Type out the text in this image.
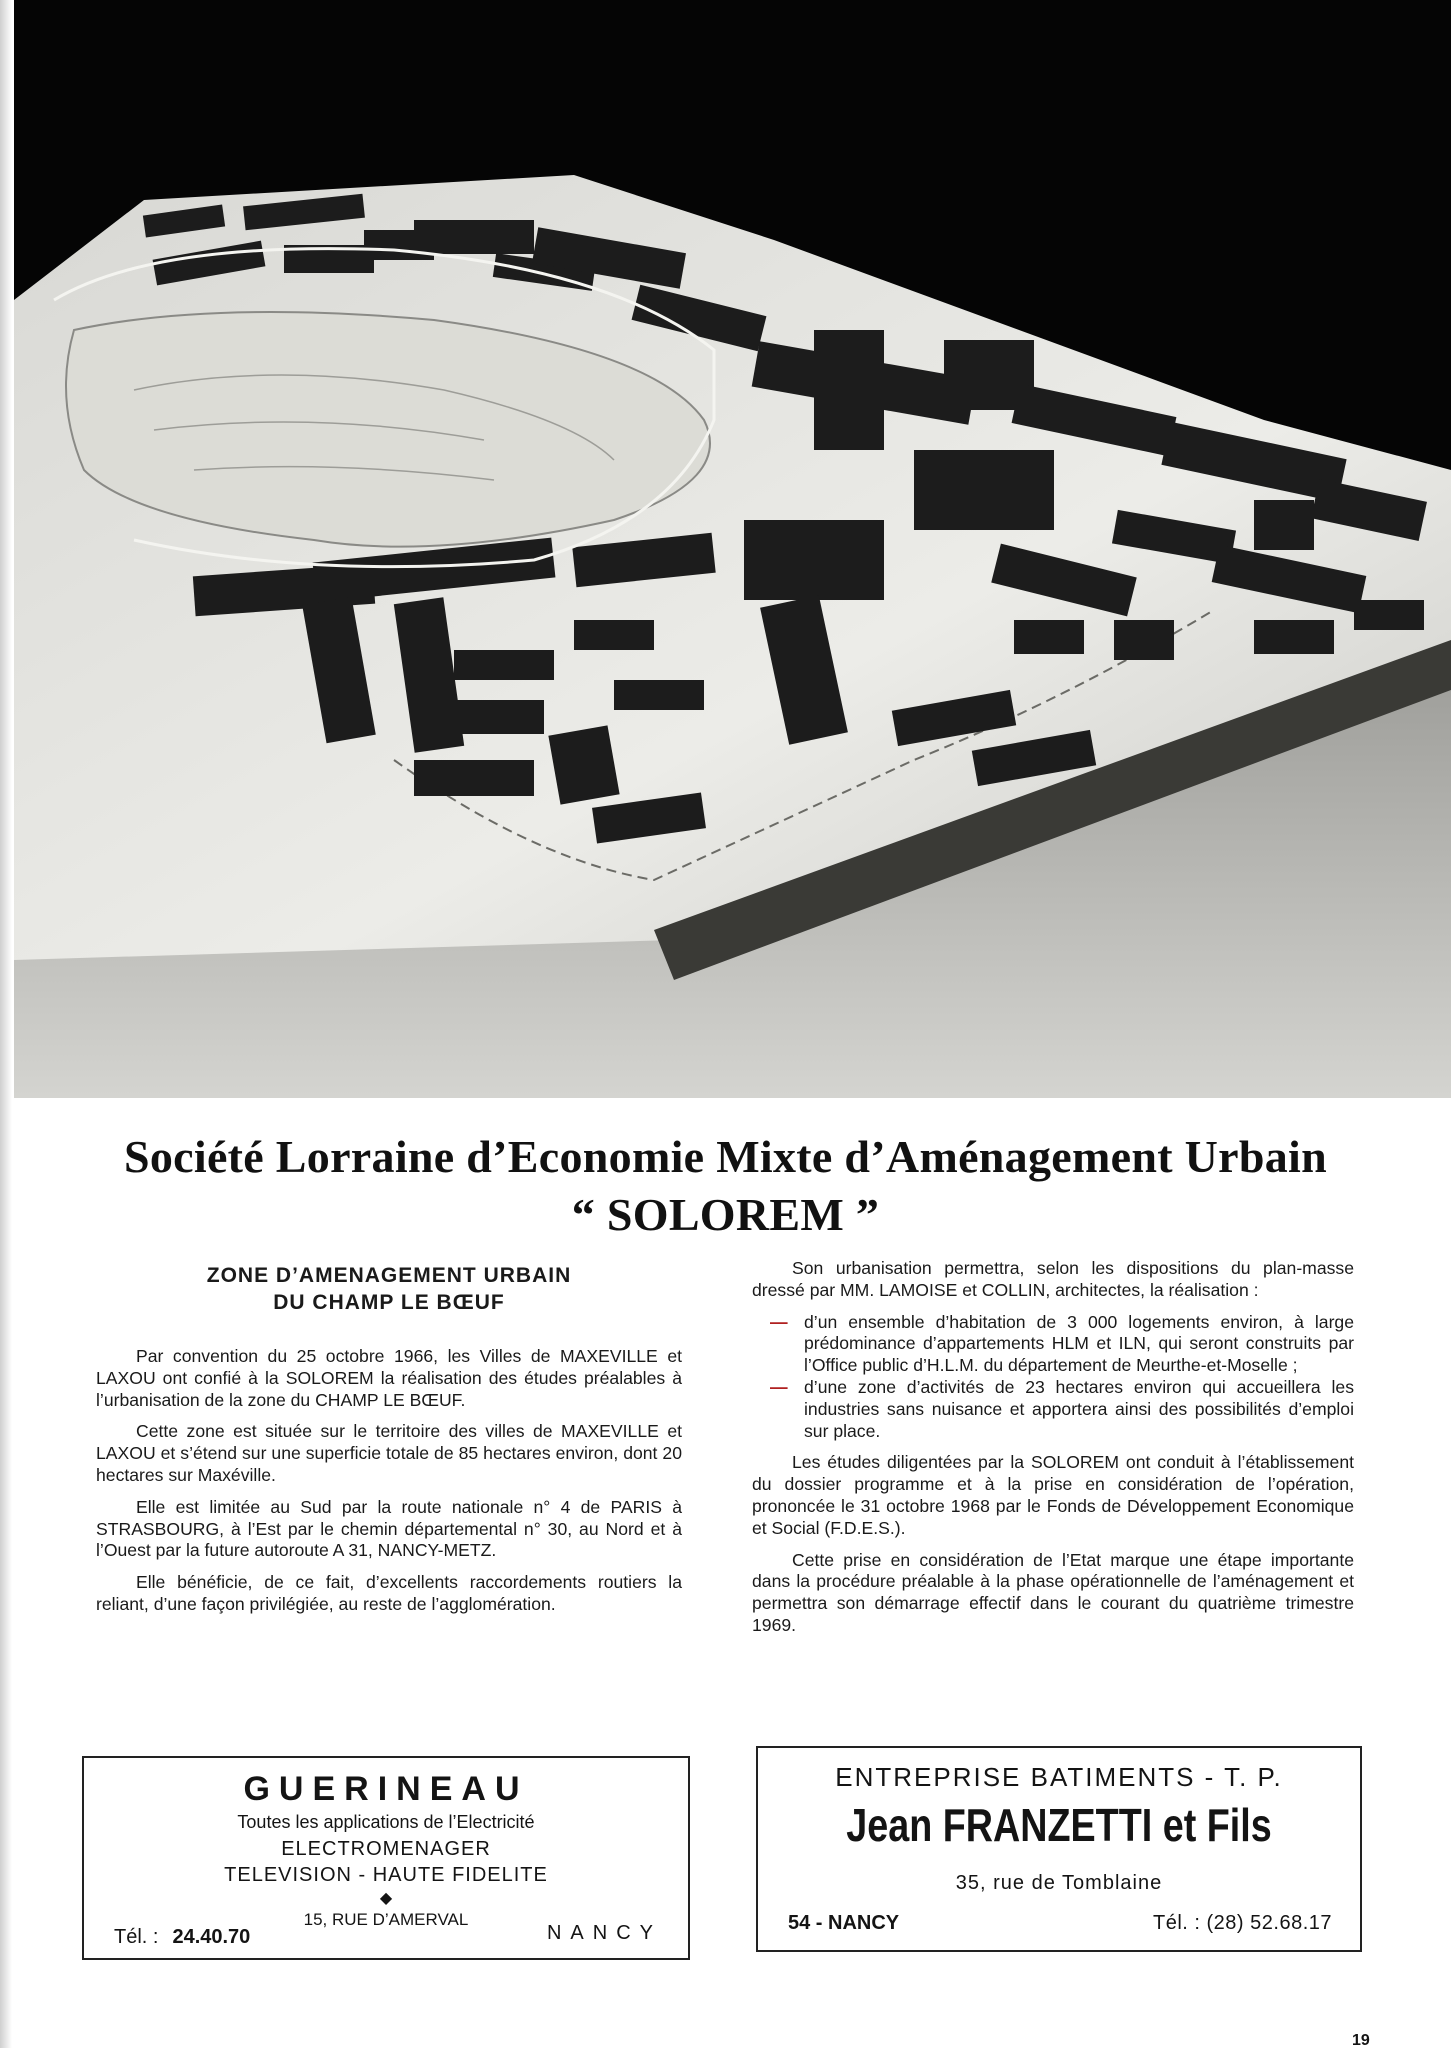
Société Lorraine d’Economie Mixte d’Aménagement Urbain
“ SOLOREM ”
ZONE D’AMENAGEMENT URBAIN
DU CHAMP LE BŒUF

Par convention du 25 octobre 1966, les Villes de MAXEVILLE et LAXOU ont confié à la SOLOREM la réalisation des études préalables à l’urbanisation de la zone du CHAMP LE BŒUF.

Cette zone est située sur le territoire des villes de MAXEVILLE et LAXOU et s’étend sur une superficie totale de 85 hectares environ, dont 20 hectares sur Maxéville.

Elle est limitée au Sud par la route nationale n° 4 de PARIS à STRASBOURG, à l’Est par le chemin départemental n° 30, au Nord et à l’Ouest par la future autoroute A 31, NANCY-METZ.

Elle bénéficie, de ce fait, d’excellents raccordements routiers la reliant, d’une façon privilégiée, au reste de l’agglomération.

Son urbanisation permettra, selon les dispositions du plan-masse dressé par MM. LAMOISE et COLLIN, architectes, la réalisation :

— d’un ensemble d’habitation de 3 000 logements environ, à large prédominance d’appartements HLM et ILN, qui seront construits par l’Office public d’H.L.M. du département de Meurthe-et-Moselle ;
— d’une zone d’activités de 23 hectares environ qui accueillera les industries sans nuisance et apportera ainsi des possibilités d’emploi sur place.

Les études diligentées par la SOLOREM ont conduit à l’établissement du dossier programme et à la prise en considération de l’opération, prononcée le 31 octobre 1968 par le Fonds de Développement Economique et Social (F.D.E.S.).

Cette prise en considération de l’Etat marque une étape importante dans la procédure préalable à la phase opérationnelle de l’aménagement et permettra son démarrage effectif dans le courant du quatrième trimestre 1969.

GUERINEAU
Toutes les applications de l’Electricité
ELECTROMENAGER
TELEVISION - HAUTE FIDELITE
◆
15, RUE D’AMERVAL
Tél. : 24.40.70	NANCY
ENTREPRISE BATIMENTS - T. P.
Jean FRANZETTI et Fils
35, rue de Tomblaine
54 - NANCY	Tél. : (28) 52.68.17
19
